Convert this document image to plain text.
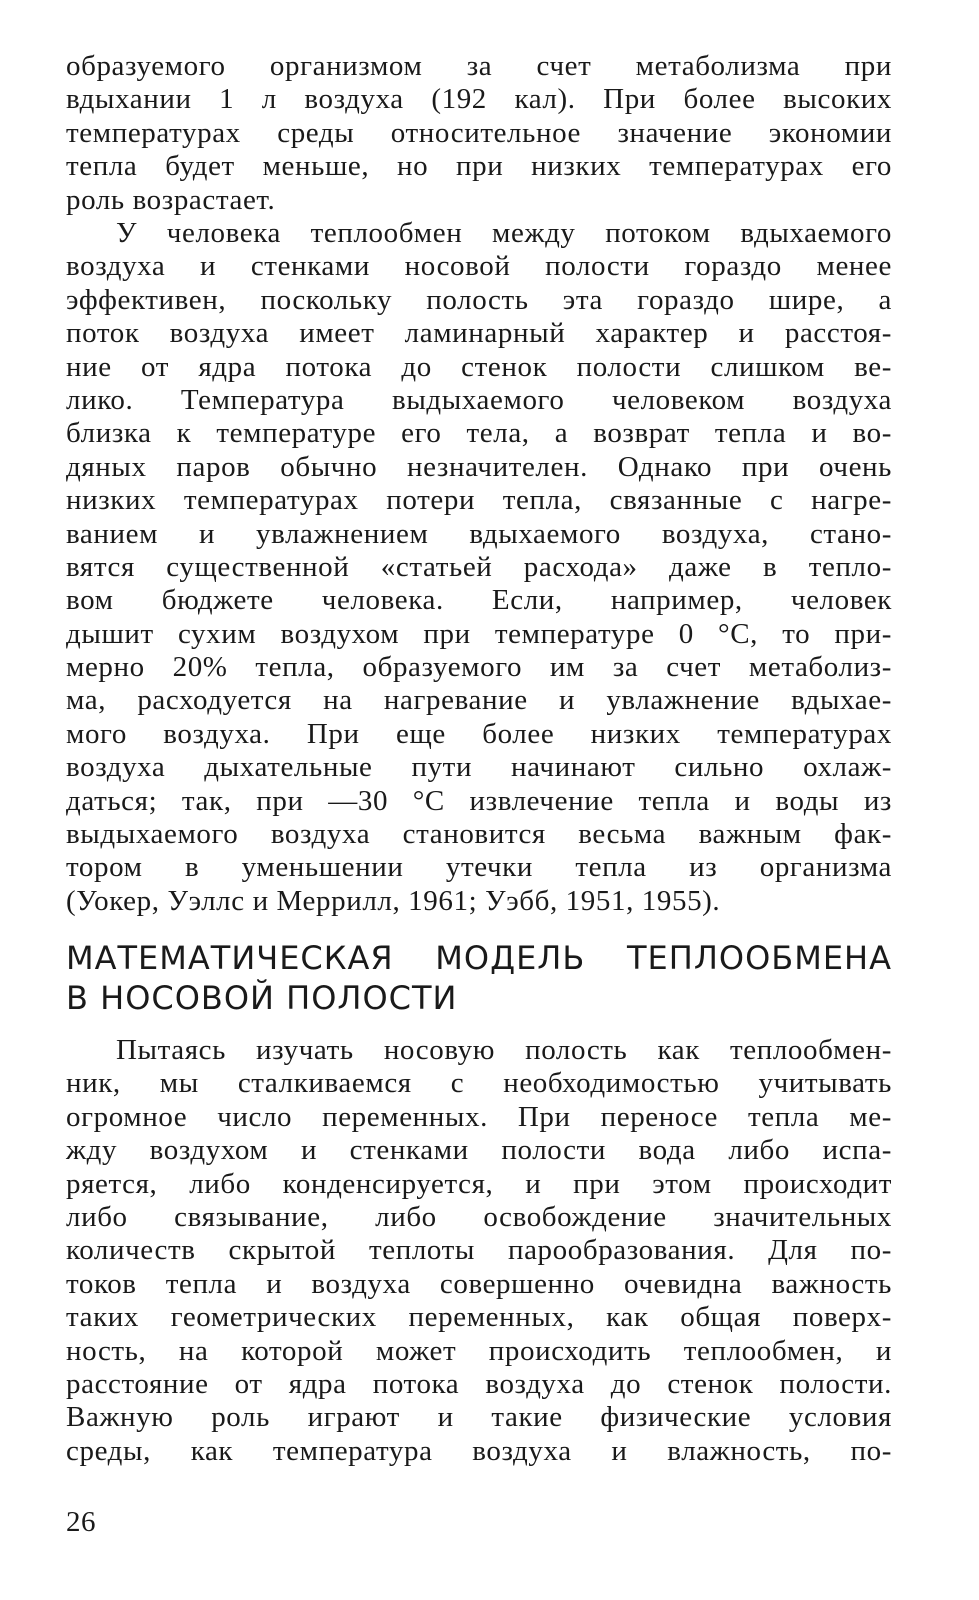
образуемого организмом за счет метаболизма при
вдыхании 1 л воздуха (192 кал). При более высоких
температурах среды относительное значение экономии
тепла будет меньше, но при низких температурах его
роль возрастает.
У человека теплообмен между потоком вдыхаемого
воздуха и стенками носовой полости гораздо менее
эффективен, поскольку полость эта гораздо шире, а
поток воздуха имеет ламинарный характер и расстоя-
ние от ядра потока до стенок полости слишком ве-
лико. Температура выдыхаемого человеком воздуха
близка к температуре его тела, а возврат тепла и во-
дяных паров обычно незначителен. Однако при очень
низких температурах потери тепла, связанные с нагре-
ванием и увлажнением вдыхаемого воздуха, стано-
вятся существенной «статьей расхода» даже в тепло-
вом бюджете человека. Если, например, человек
дышит сухим воздухом при температуре 0 °С, то при-
мерно 20% тепла, образуемого им за счет метаболиз-
ма, расходуется на нагревание и увлажнение вдыхае-
мого воздуха. При еще более низких температурах
воздуха дыхательные пути начинают сильно охлаж-
даться; так, при —30 °С извлечение тепла и воды из
выдыхаемого воздуха становится весьма важным фак-
тором в уменьшении утечки тепла из организма
(Уокер, Уэллс и Меррилл, 1961; Уэбб, 1951, 1955).
МАТЕМАТИЧЕСКАЯ МОДЕЛЬ ТЕПЛООБМЕНА
В НОСОВОЙ ПОЛОСТИ
Пытаясь изучать носовую полость как теплообмен-
ник, мы сталкиваемся с необходимостью учитывать
огромное число переменных. При переносе тепла ме-
жду воздухом и стенками полости вода либо испа-
ряется, либо конденсируется, и при этом происходит
либо связывание, либо освобождение значительных
количеств скрытой теплоты парообразования. Для по-
токов тепла и воздуха совершенно очевидна важность
таких геометрических переменных, как общая поверх-
ность, на которой может происходить теплообмен, и
расстояние от ядра потока воздуха до стенок полости.
Важную роль играют и такие физические условия
среды, как температура воздуха и влажность, по-
26
